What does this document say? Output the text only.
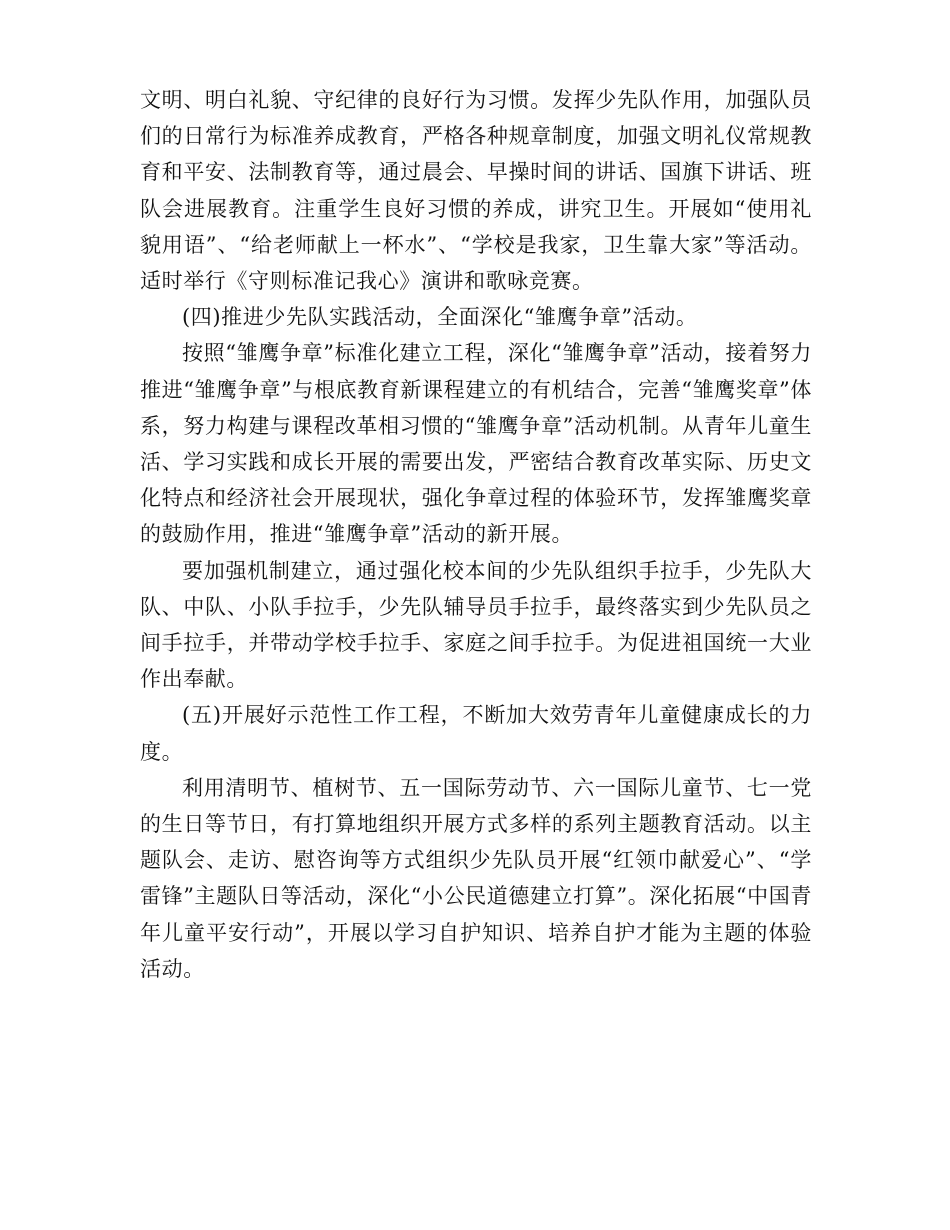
文明、明白礼貌、守纪律的良好行为习惯。发挥少先队作用，加强队员们的日常行为标准养成教育，严格各种规章制度，加强文明礼仪常规教育和平安、法制教育等，通过晨会、早操时间的讲话、国旗下讲话、班队会进展教育。注重学生良好习惯的养成，讲究卫生。开展如“使用礼貌用语”、“给老师献上一杯水”、“学校是我家，卫生靠大家”等活动。适时举行《守则标准记我心》演讲和歌咏竞赛。

(四)推进少先队实践活动，全面深化“雏鹰争章”活动。

按照“雏鹰争章”标准化建立工程，深化“雏鹰争章”活动，接着努力推进“雏鹰争章”与根底教育新课程建立的有机结合，完善“雏鹰奖章”体系，努力构建与课程改革相习惯的“雏鹰争章”活动机制。从青年儿童生活、学习实践和成长开展的需要出发，严密结合教育改革实际、历史文化特点和经济社会开展现状，强化争章过程的体验环节，发挥雏鹰奖章的鼓励作用，推进“雏鹰争章”活动的新开展。

要加强机制建立，通过强化校本间的少先队组织手拉手，少先队大队、中队、小队手拉手，少先队辅导员手拉手，最终落实到少先队员之间手拉手，并带动学校手拉手、家庭之间手拉手。为促进祖国统一大业作出奉献。

(五)开展好示范性工作工程，不断加大效劳青年儿童健康成长的力度。

利用清明节、植树节、五一国际劳动节、六一国际儿童节、七一党的生日等节日，有打算地组织开展方式多样的系列主题教育活动。以主题队会、走访、慰咨询等方式组织少先队员开展“红领巾献爱心”、“学雷锋”主题队日等活动，深化“小公民道德建立打算”。深化拓展“中国青年儿童平安行动”，开展以学习自护知识、培养自护才能为主题的体验活动。
